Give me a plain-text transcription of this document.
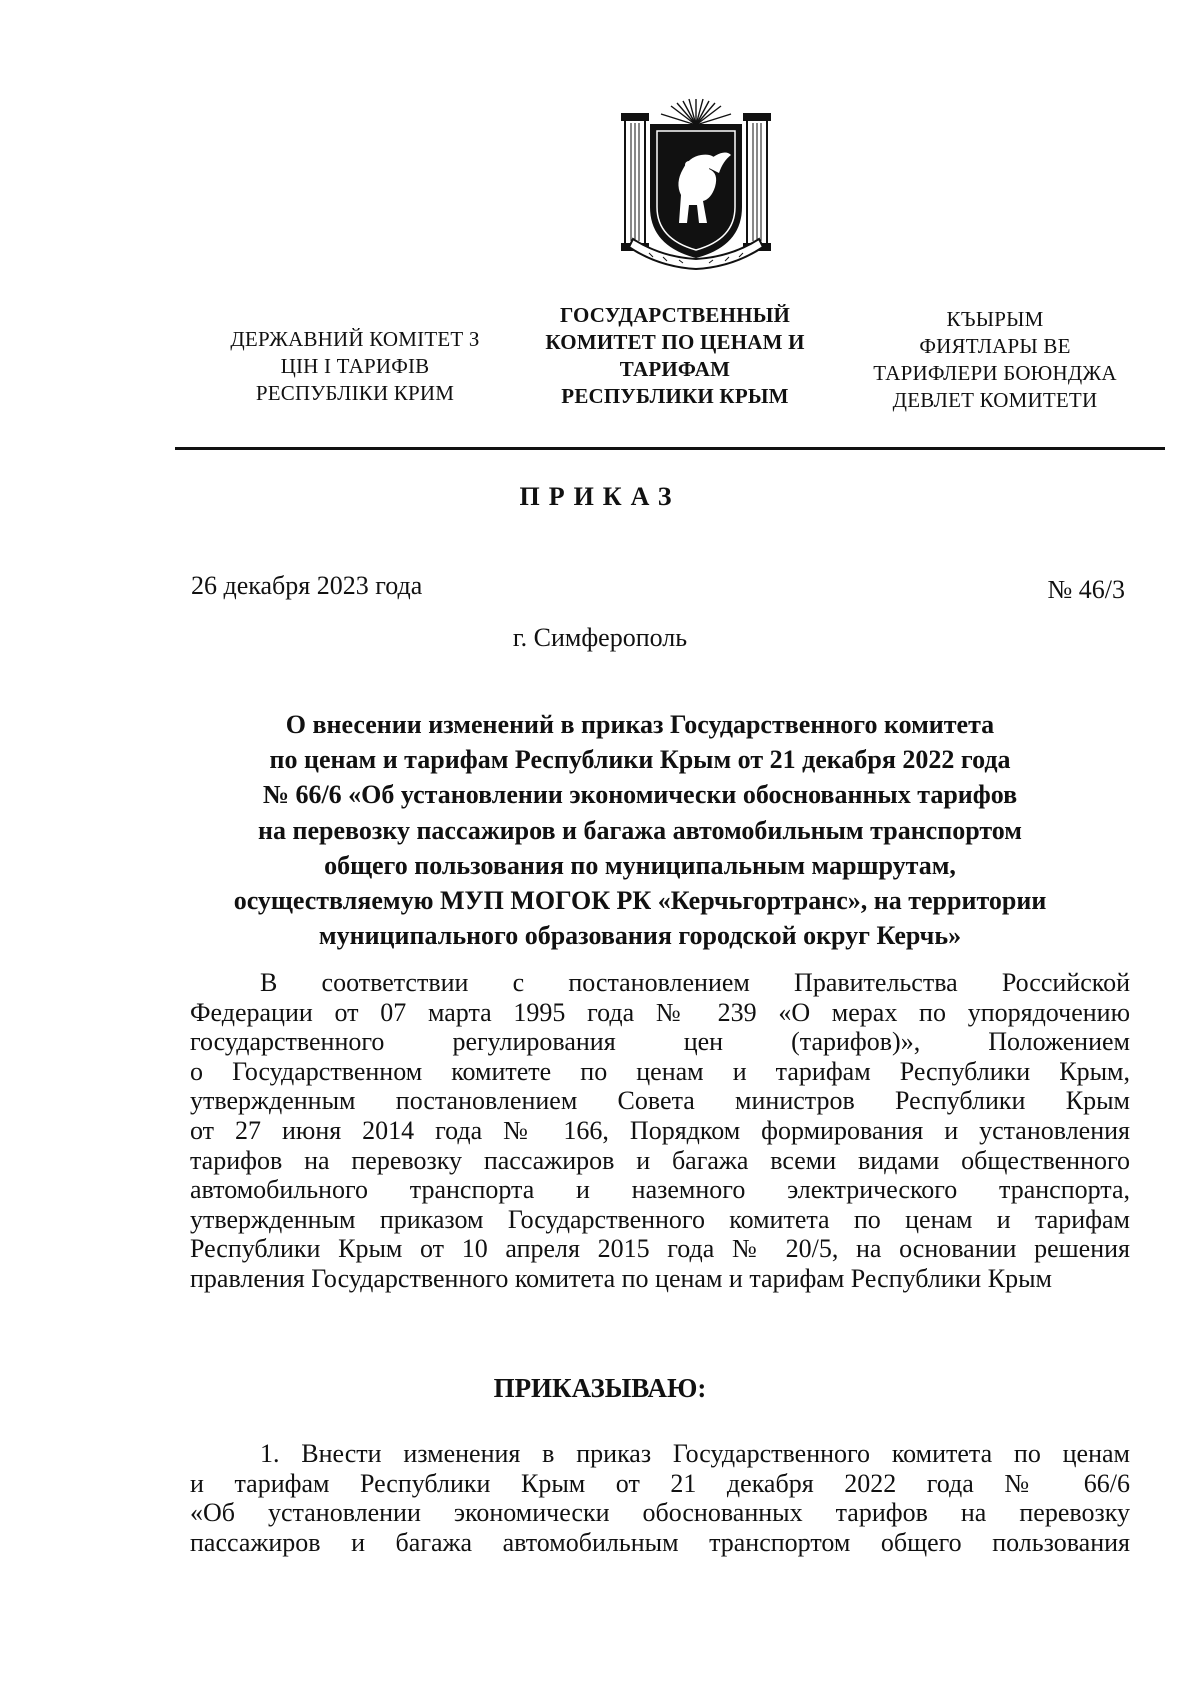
ДЕРЖАВНИЙ КОМІТЕТ З
ЦІН І ТАРИФІВ
РЕСПУБЛІКИ КРИМ
ГОСУДАРСТВЕННЫЙ
КОМИТЕТ ПО ЦЕНАМ И
ТАРИФАМ
РЕСПУБЛИКИ КРЫМ
КЪЫРЫМ
ФИЯТЛАРЫ ВЕ
ТАРИФЛЕРИ БОЮНДЖА
ДЕВЛЕТ КОМИТЕТИ
ПРИКАЗ
26 декабря 2023 года	№ 46/3
г. Симферополь
О внесении изменений в приказ Государственного комитета
по ценам и тарифам Республики Крым от 21 декабря 2022 года
№ 66/6 «Об установлении экономически обоснованных тарифов
на перевозку пассажиров и багажа автомобильным транспортом
общего пользования по муниципальным маршрутам,
осуществляемую МУП МОГОК РК «Керчьгортранс», на территории
муниципального образования городской округ Керчь»
В соответствии с постановлением Правительства Российской
Федерации от 07 марта 1995 года № 239 «О мерах по упорядочению
государственного регулирования цен (тарифов)», Положением
о Государственном комитете по ценам и тарифам Республики Крым,
утвержденным постановлением Совета министров Республики Крым
от 27 июня 2014 года № 166, Порядком формирования и установления
тарифов на перевозку пассажиров и багажа всеми видами общественного
автомобильного транспорта и наземного электрического транспорта,
утвержденным приказом Государственного комитета по ценам и тарифам
Республики Крым от 10 апреля 2015 года № 20/5, на основании решения
правления Государственного комитета по ценам и тарифам Республики Крым
ПРИКАЗЫВАЮ:
1. Внести изменения в приказ Государственного комитета по ценам
и тарифам Республики Крым от 21 декабря 2022 года № 66/6
«Об установлении экономически обоснованных тарифов на перевозку
пассажиров и багажа автомобильным транспортом общего пользования
